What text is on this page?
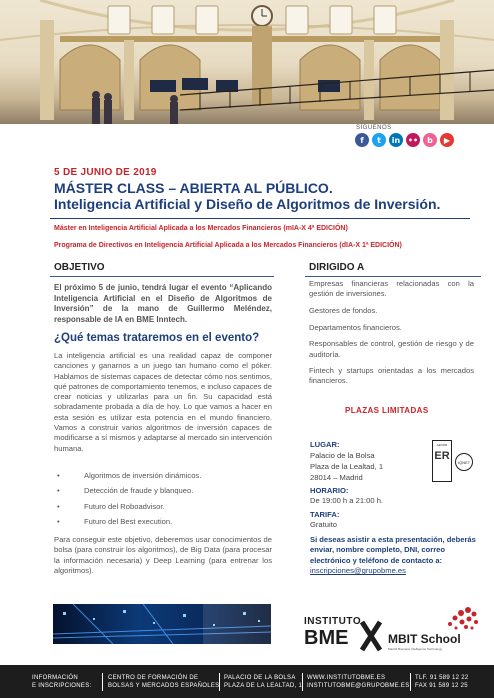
SÍGUENOS
f	t	in ••	b	▶
5 DE JUNIO DE 2019
MÁSTER CLASS – ABIERTA AL PÚBLICO.
Inteligencia Artificial y Diseño de Algoritmos de Inversión.
Máster en Inteligencia Artificial Aplicada a los Mercados Financieros (mIA-X 4ª EDICIÓN)
Programa de Directivos en Inteligencia Artificial Aplicada a los Mercados Financieros (dIA-X 1ª EDICIÓN)
OBJETIVO
El próximo 5 de junio, tendrá lugar el evento “Aplicando Inteligencia Artificial en el Diseño de Algoritmos de Inversión” de la mano de Guillermo Meléndez, responsable de IA en BME Inntech.
¿Qué temas trataremos en el evento?
La inteligencia artificial es una realidad capaz de componer canciones y ganarnos a un juego tan humano como el póker. Hablamos de sistemas capaces de detectar cómo nos sentimos, qué patrones de comportamiento tenemos, e incluso capaces de crear noticias y utilizarlas para un fin. Su capacidad está sobradamente probada a día de hoy. Lo que vamos a hacer en esta sesión es utilizar esta potencia en el mundo financiero. Vamos a construir varios algoritmos de inversión capaces de modificarse a sí mismos y adaptarse al mercado sin intervención humana.
• Algoritmos de inversión dinámicos.
• Detección de fraude y blanqueo.
• Futuro del Roboadvisor.
• Futuro del Best execution.
Para conseguir este objetivo, deberemos usar conocimientos de bolsa (para construir los algoritmos), de Big Data (para procesar la información necesaria) y Deep Learning (para entrenar los algoritmos).
DIRIGIDO A
Empresas financieras relacionadas con la gestión de inversiones.
Gestores de fondos.
Departamentos financieros.
Responsables de control, gestión de riesgo y de auditoría.
Fintech y startups orientadas a los mercados financieros.
PLAZAS LIMITADAS
LUGAR:
Palacio de la Bolsa
Plaza de la Lealtad, 1
28014 – Madrid
HORARIO:
De 19:00 h a 21:00 h.
TARIFA:
Gratuito
Si deseas asistir a esta presentación, deberás enviar, nombre completo, DNI, correo electrónico y teléfono de contacto a: inscripciones@grupobme.es
AENOR
ER
IQNET
INSTITUTO
BME	MBIT School
Madrid Business Intelligence Technology
INFORMACIÓN
E INSCRIPCIONES:
CENTRO DE FORMACIÓN DE
BOLSAS Y MERCADOS ESPAÑOLES
PALACIO DE LA BOLSA
PLAZA DE LA LEALTAD, 1
WWW.INSTITUTOBME.ES
INSTITUTOBME@GRUPOBME.ES
TLF. 91 589 12 22
FAX 91 589 12 25
